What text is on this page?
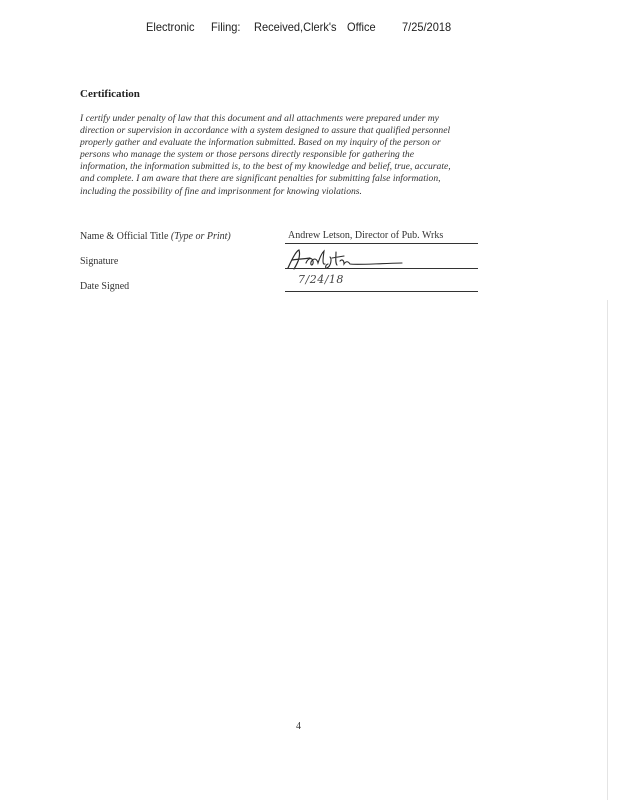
Electronic Filing: Received,Clerk's Office 7/25/2018
Certification
I certify under penalty of law that this document and all attachments were prepared under my
direction or supervision in accordance with a system designed to assure that qualified personnel
properly gather and evaluate the information submitted. Based on my inquiry of the person or
persons who manage the system or those persons directly responsible for gathering the
information, the information submitted is, to the best of my knowledge and belief, true, accurate,
and complete. I am aware that there are significant penalties for submitting false information,
including the possibility of fine and imprisonment for knowing violations.
Name & Official Title (Type or Print)	Andrew Letson, Director of Pub. Wrks
Signature
Date Signed
7/24/18
4
